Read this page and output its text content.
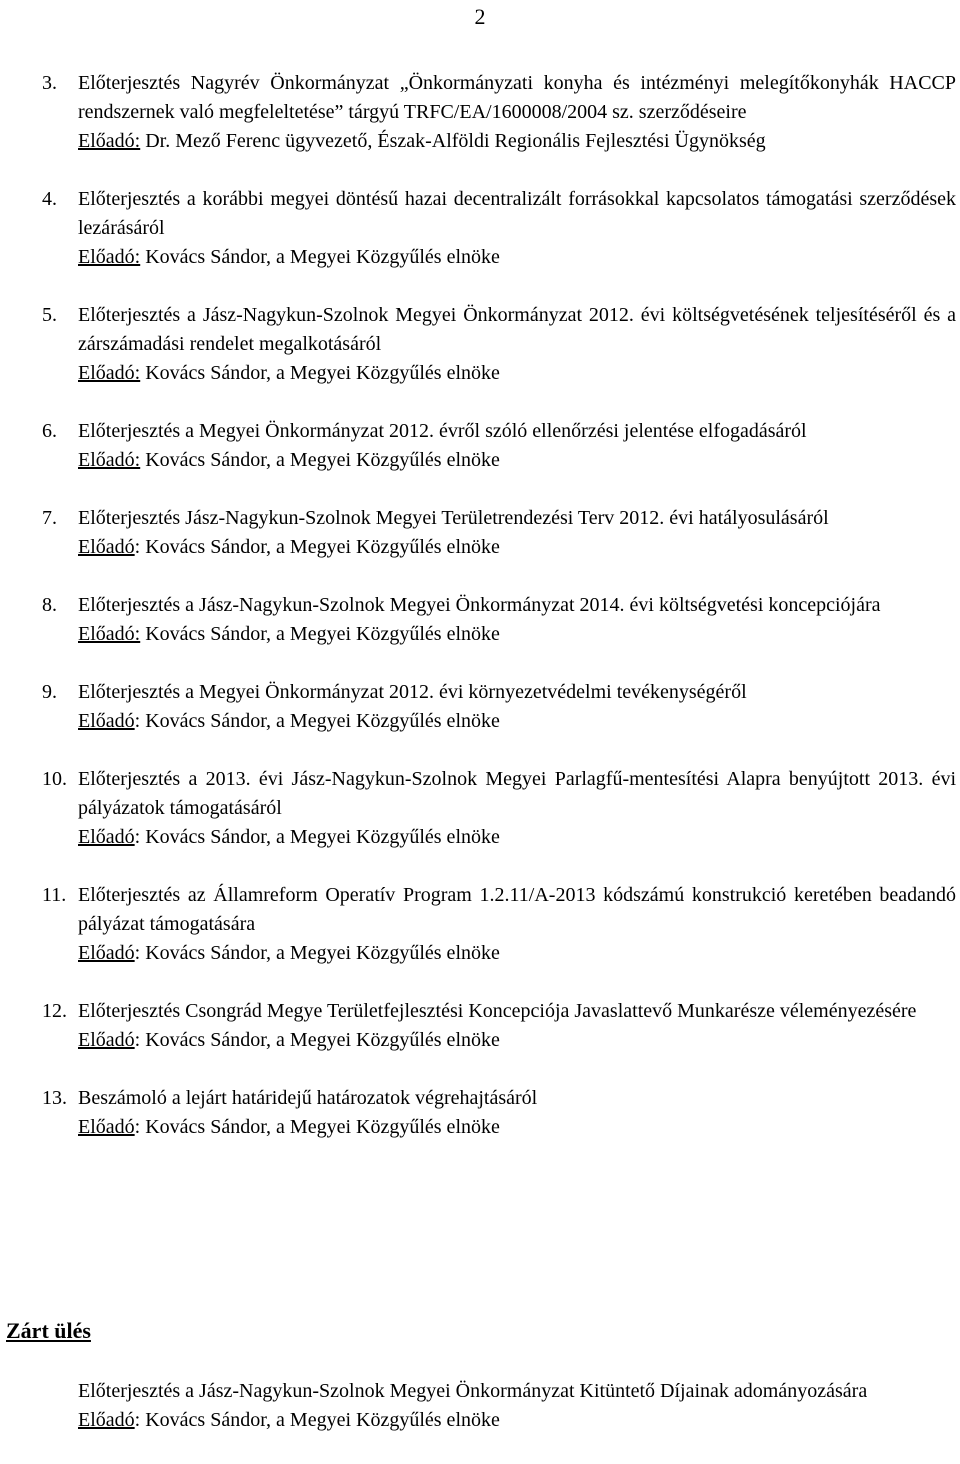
2
3.	Előterjesztés Nagyrév Önkormányzat „Önkormányzati konyha és intézményi melegítőkonyhák HACCP rendszernek való megfeleltetése” tárgyú TRFC/EA/1600008/2004 sz. szerződéseire
Előadó: Dr. Mező Ferenc ügyvezető, Észak-Alföldi Regionális Fejlesztési Ügynökség
4.	Előterjesztés a korábbi megyei döntésű hazai decentralizált forrásokkal kapcsolatos támogatási szerződések lezárásáról
Előadó: Kovács Sándor, a Megyei Közgyűlés elnöke
5.	Előterjesztés a Jász-Nagykun-Szolnok Megyei Önkormányzat 2012. évi költségvetésének teljesítéséről és a zárszámadási rendelet megalkotásáról
Előadó: Kovács Sándor, a Megyei Közgyűlés elnöke
6.	Előterjesztés a Megyei Önkormányzat 2012. évről szóló ellenőrzési jelentése elfogadásáról
Előadó: Kovács Sándor, a Megyei Közgyűlés elnöke
7.	Előterjesztés Jász-Nagykun-Szolnok Megyei Területrendezési Terv 2012. évi hatályosulásáról
Előadó: Kovács Sándor, a Megyei Közgyűlés elnöke
8.	Előterjesztés a Jász-Nagykun-Szolnok Megyei Önkormányzat 2014. évi költségvetési koncepciójára
Előadó: Kovács Sándor, a Megyei Közgyűlés elnöke
9.	Előterjesztés a Megyei Önkormányzat 2012. évi környezetvédelmi tevékenységéről
Előadó: Kovács Sándor, a Megyei Közgyűlés elnöke
10. Előterjesztés a 2013. évi Jász-Nagykun-Szolnok Megyei Parlagfű-mentesítési Alapra benyújtott 2013. évi pályázatok támogatásáról
Előadó: Kovács Sándor, a Megyei Közgyűlés elnöke
11. Előterjesztés az Államreform Operatív Program 1.2.11/A-2013 kódszámú konstrukció keretében beadandó pályázat támogatására
Előadó: Kovács Sándor, a Megyei Közgyűlés elnöke
12. Előterjesztés Csongrád Megye Területfejlesztési Koncepciója Javaslattevő Munkarésze véleményezésére
Előadó: Kovács Sándor, a Megyei Közgyűlés elnöke
13. Beszámoló a lejárt határidejű határozatok végrehajtásáról
Előadó: Kovács Sándor, a Megyei Közgyűlés elnöke
Zárt ülés
Előterjesztés a Jász-Nagykun-Szolnok Megyei Önkormányzat Kitüntető Díjainak adományozására
Előadó: Kovács Sándor, a Megyei Közgyűlés elnöke
